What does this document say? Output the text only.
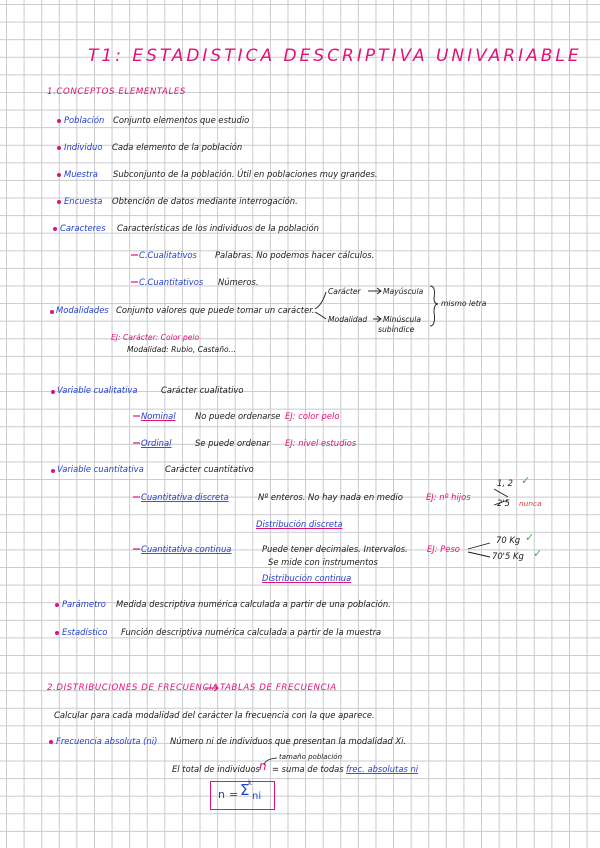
T1: ESTADISTICA DESCRIPTIVA UNIVARIABLE
1.CONCEPTOS ELEMENTALES
Población Conjunto elementos que estudio
Individuo Cada elemento de la población
Muestra Subconjunto de la población. Útil en poblaciones muy grandes.
Encuesta Obtención de datos mediante interrogación.
Caracteres Características de los individuos de la población
C.Cualitativos Palabras. No podemos hacer cálculos.
C.Cuantitativos Números.
Modalidades Conjunto valores que puede tomar un carácter.
Carácter	Mayúscula
Modalidad Minúscula
subíndice
mismo letra
EJ: Carácter: Color pelo
Modalidad: Rubio, Castaño...
Variable cualitativa	Carácter cualitativo
Nominal No puede ordenarse EJ: color pelo
Ordinal	Se puede ordenar EJ: nivel estudios
Variable cuantitativa	Carácter cuantitativo
Cuantitativa discreta	Nº enteros. No hay nada en medio	EJ: nº hijos
Distribución discreta
1, 2 ✓
2'5 nunca
Cuantitativa continua	Puede tener decimales. Intervalos.
Se mide con instrumentos
EJ: Peso
Distribución continua
70 Kg ✓
70'5 Kg ✓
Parámetro Medida descriptiva numérica calculada a partir de una población.
Estadístico Función descriptiva numérica calculada a partir de la muestra
2.DISTRIBUCIONES DE FRECUENCIA TABLAS DE FRECUENCIA
Calcular para cada modalidad del carácter la frecuencia con la que aparece.
Frecuencia absoluta (ni) Número ni de individuos que presentan la modalidad Xi.
tamaño población
El total de individuos n = suma de todas frec. absolutas ni
n = Σ
k
ni
